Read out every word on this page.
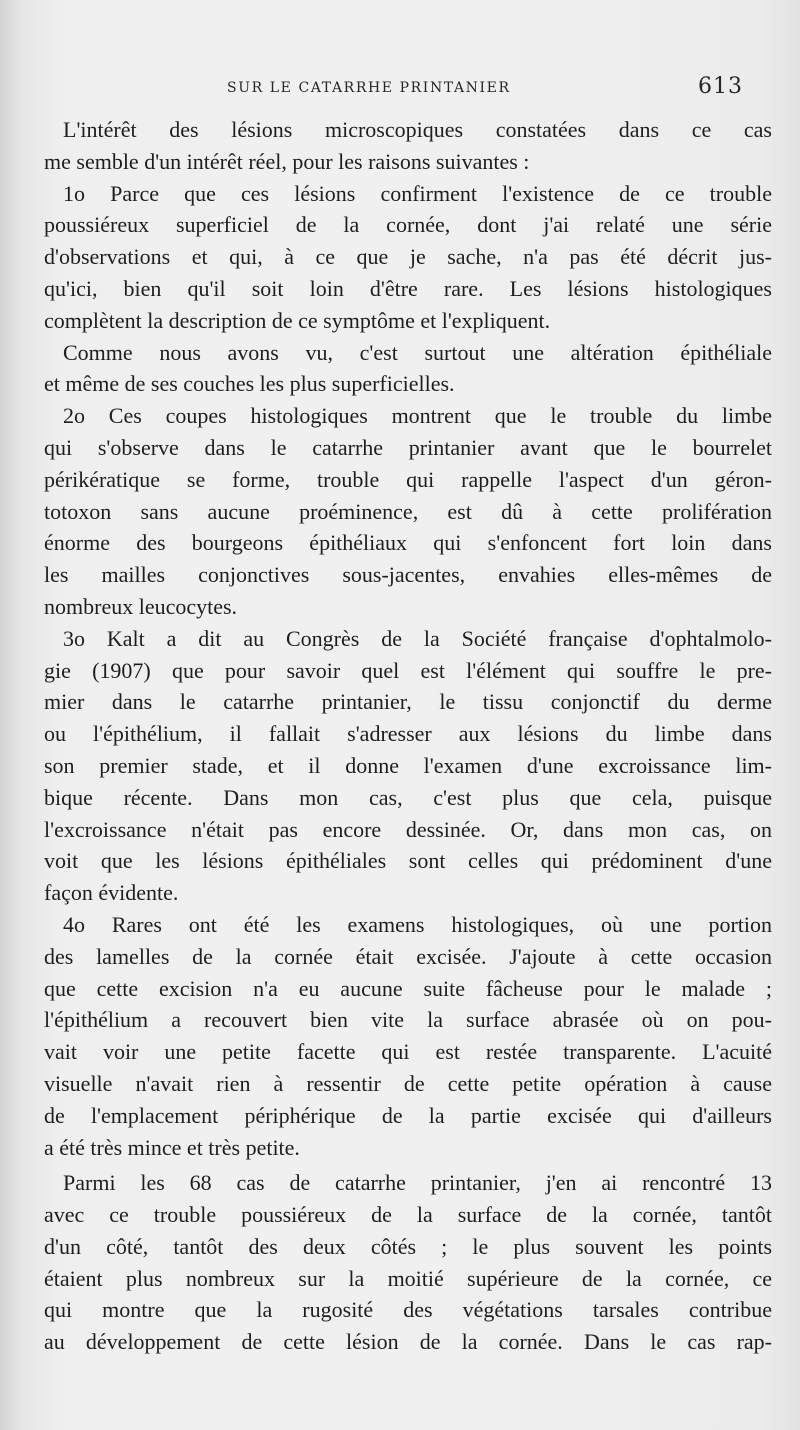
SUR LE CATARRHE PRINTANIER	613
L'intérêt des lésions microscopiques constatées dans ce cas
me semble d'un intérêt réel, pour les raisons suivantes :
1o Parce que ces lésions confirment l'existence de ce trouble
poussiéreux superficiel de la cornée, dont j'ai relaté une série
d'observations et qui, à ce que je sache, n'a pas été décrit jus-
qu'ici, bien qu'il soit loin d'être rare. Les lésions histologiques
complètent la description de ce symptôme et l'expliquent.
Comme nous avons vu, c'est surtout une altération épithéliale
et même de ses couches les plus superficielles.
2o Ces coupes histologiques montrent que le trouble du limbe
qui s'observe dans le catarrhe printanier avant que le bourrelet
périkératique se forme, trouble qui rappelle l'aspect d'un géron-
totoxon sans aucune proéminence, est dû à cette prolifération
énorme des bourgeons épithéliaux qui s'enfoncent fort loin dans
les mailles conjonctives sous-jacentes, envahies elles-mêmes de
nombreux leucocytes.
3o Kalt a dit au Congrès de la Société française d'ophtalmolo-
gie (1907) que pour savoir quel est l'élément qui souffre le pre-
mier dans le catarrhe printanier, le tissu conjonctif du derme
ou l'épithélium, il fallait s'adresser aux lésions du limbe dans
son premier stade, et il donne l'examen d'une excroissance lim-
bique récente. Dans mon cas, c'est plus que cela, puisque
l'excroissance n'était pas encore dessinée. Or, dans mon cas, on
voit que les lésions épithéliales sont celles qui prédominent d'une
façon évidente.
4o Rares ont été les examens histologiques, où une portion
des lamelles de la cornée était excisée. J'ajoute à cette occasion
que cette excision n'a eu aucune suite fâcheuse pour le malade ;
l'épithélium a recouvert bien vite la surface abrasée où on pou-
vait voir une petite facette qui est restée transparente. L'acuité
visuelle n'avait rien à ressentir de cette petite opération à cause
de l'emplacement périphérique de la partie excisée qui d'ailleurs
a été très mince et très petite.
Parmi les 68 cas de catarrhe printanier, j'en ai rencontré 13
avec ce trouble poussiéreux de la surface de la cornée, tantôt
d'un côté, tantôt des deux côtés ; le plus souvent les points
étaient plus nombreux sur la moitié supérieure de la cornée, ce
qui montre que la rugosité des végétations tarsales contribue
au développement de cette lésion de la cornée. Dans le cas rap-
